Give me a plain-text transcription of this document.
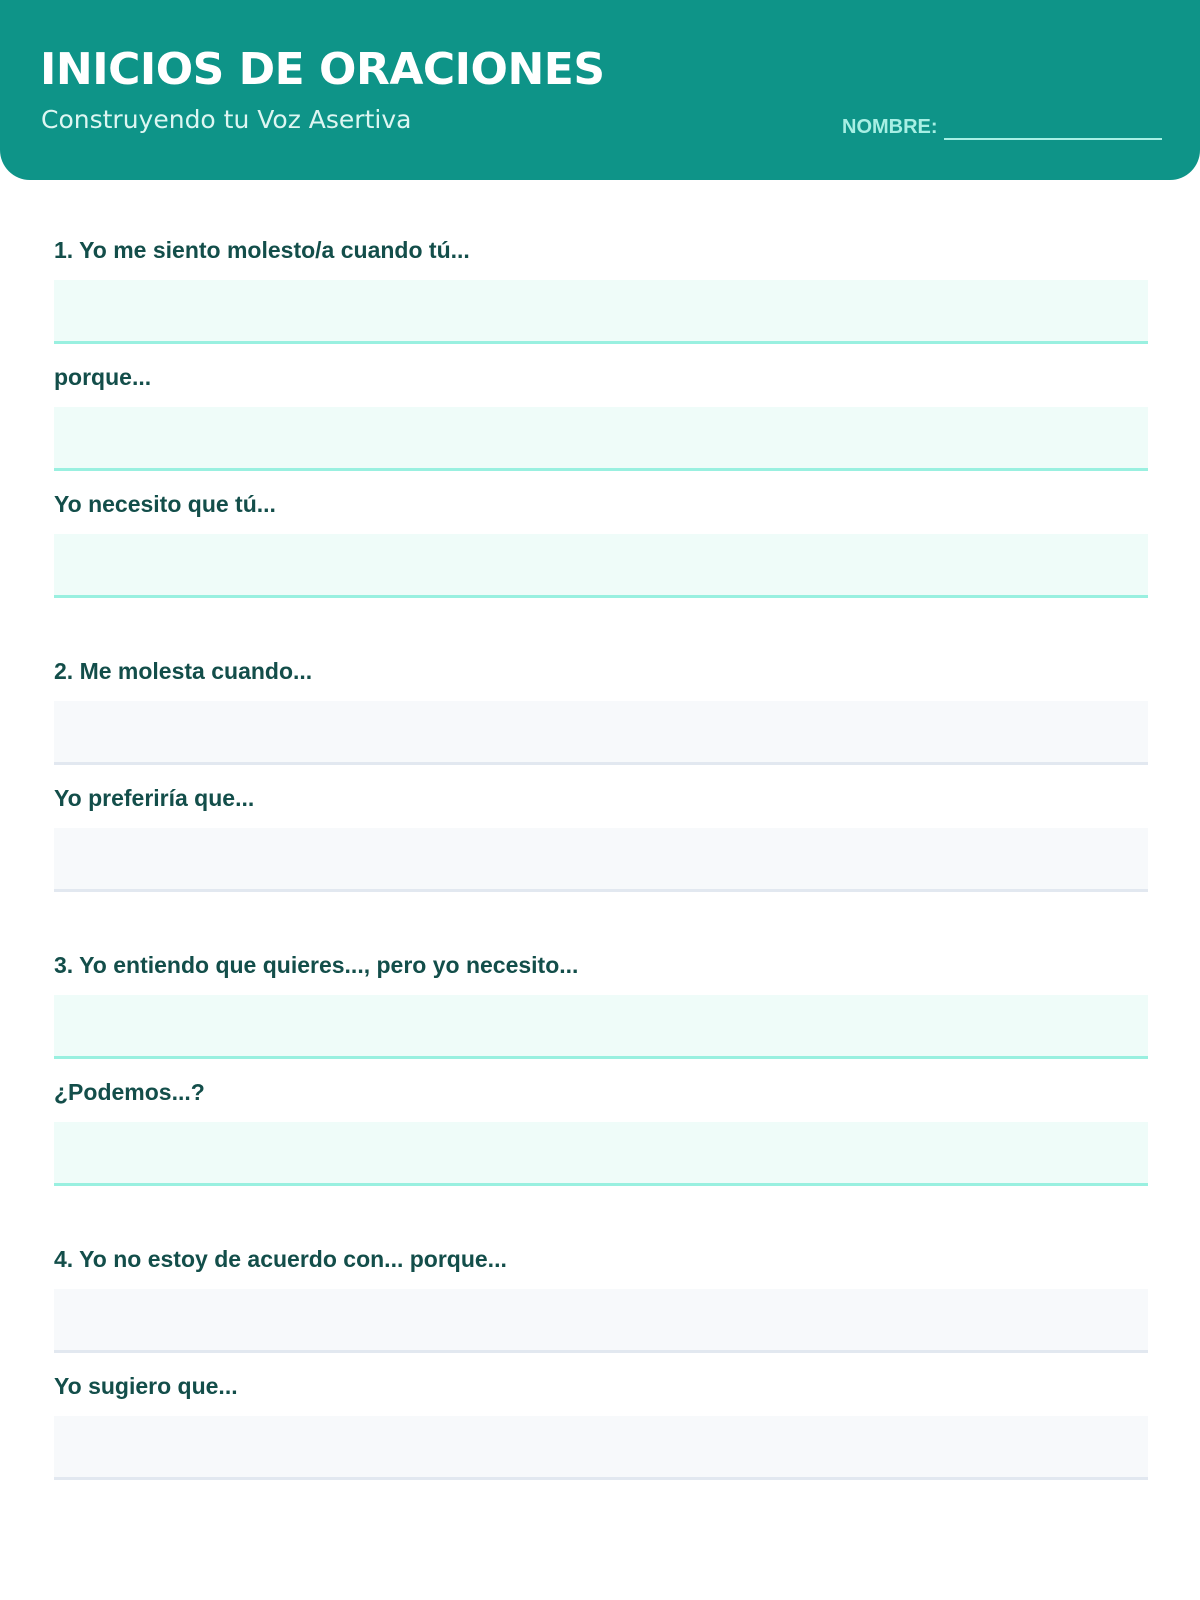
INICIOS DE ORACIONES
Construyendo tu Voz Asertiva	NOMBRE:
1. Yo me siento molesto/a cuando tú...
porque...
Yo necesito que tú...
2. Me molesta cuando...
Yo preferiría que...
3. Yo entiendo que quieres..., pero yo necesito...
¿Podemos...?
4. Yo no estoy de acuerdo con... porque...
Yo sugiero que...
